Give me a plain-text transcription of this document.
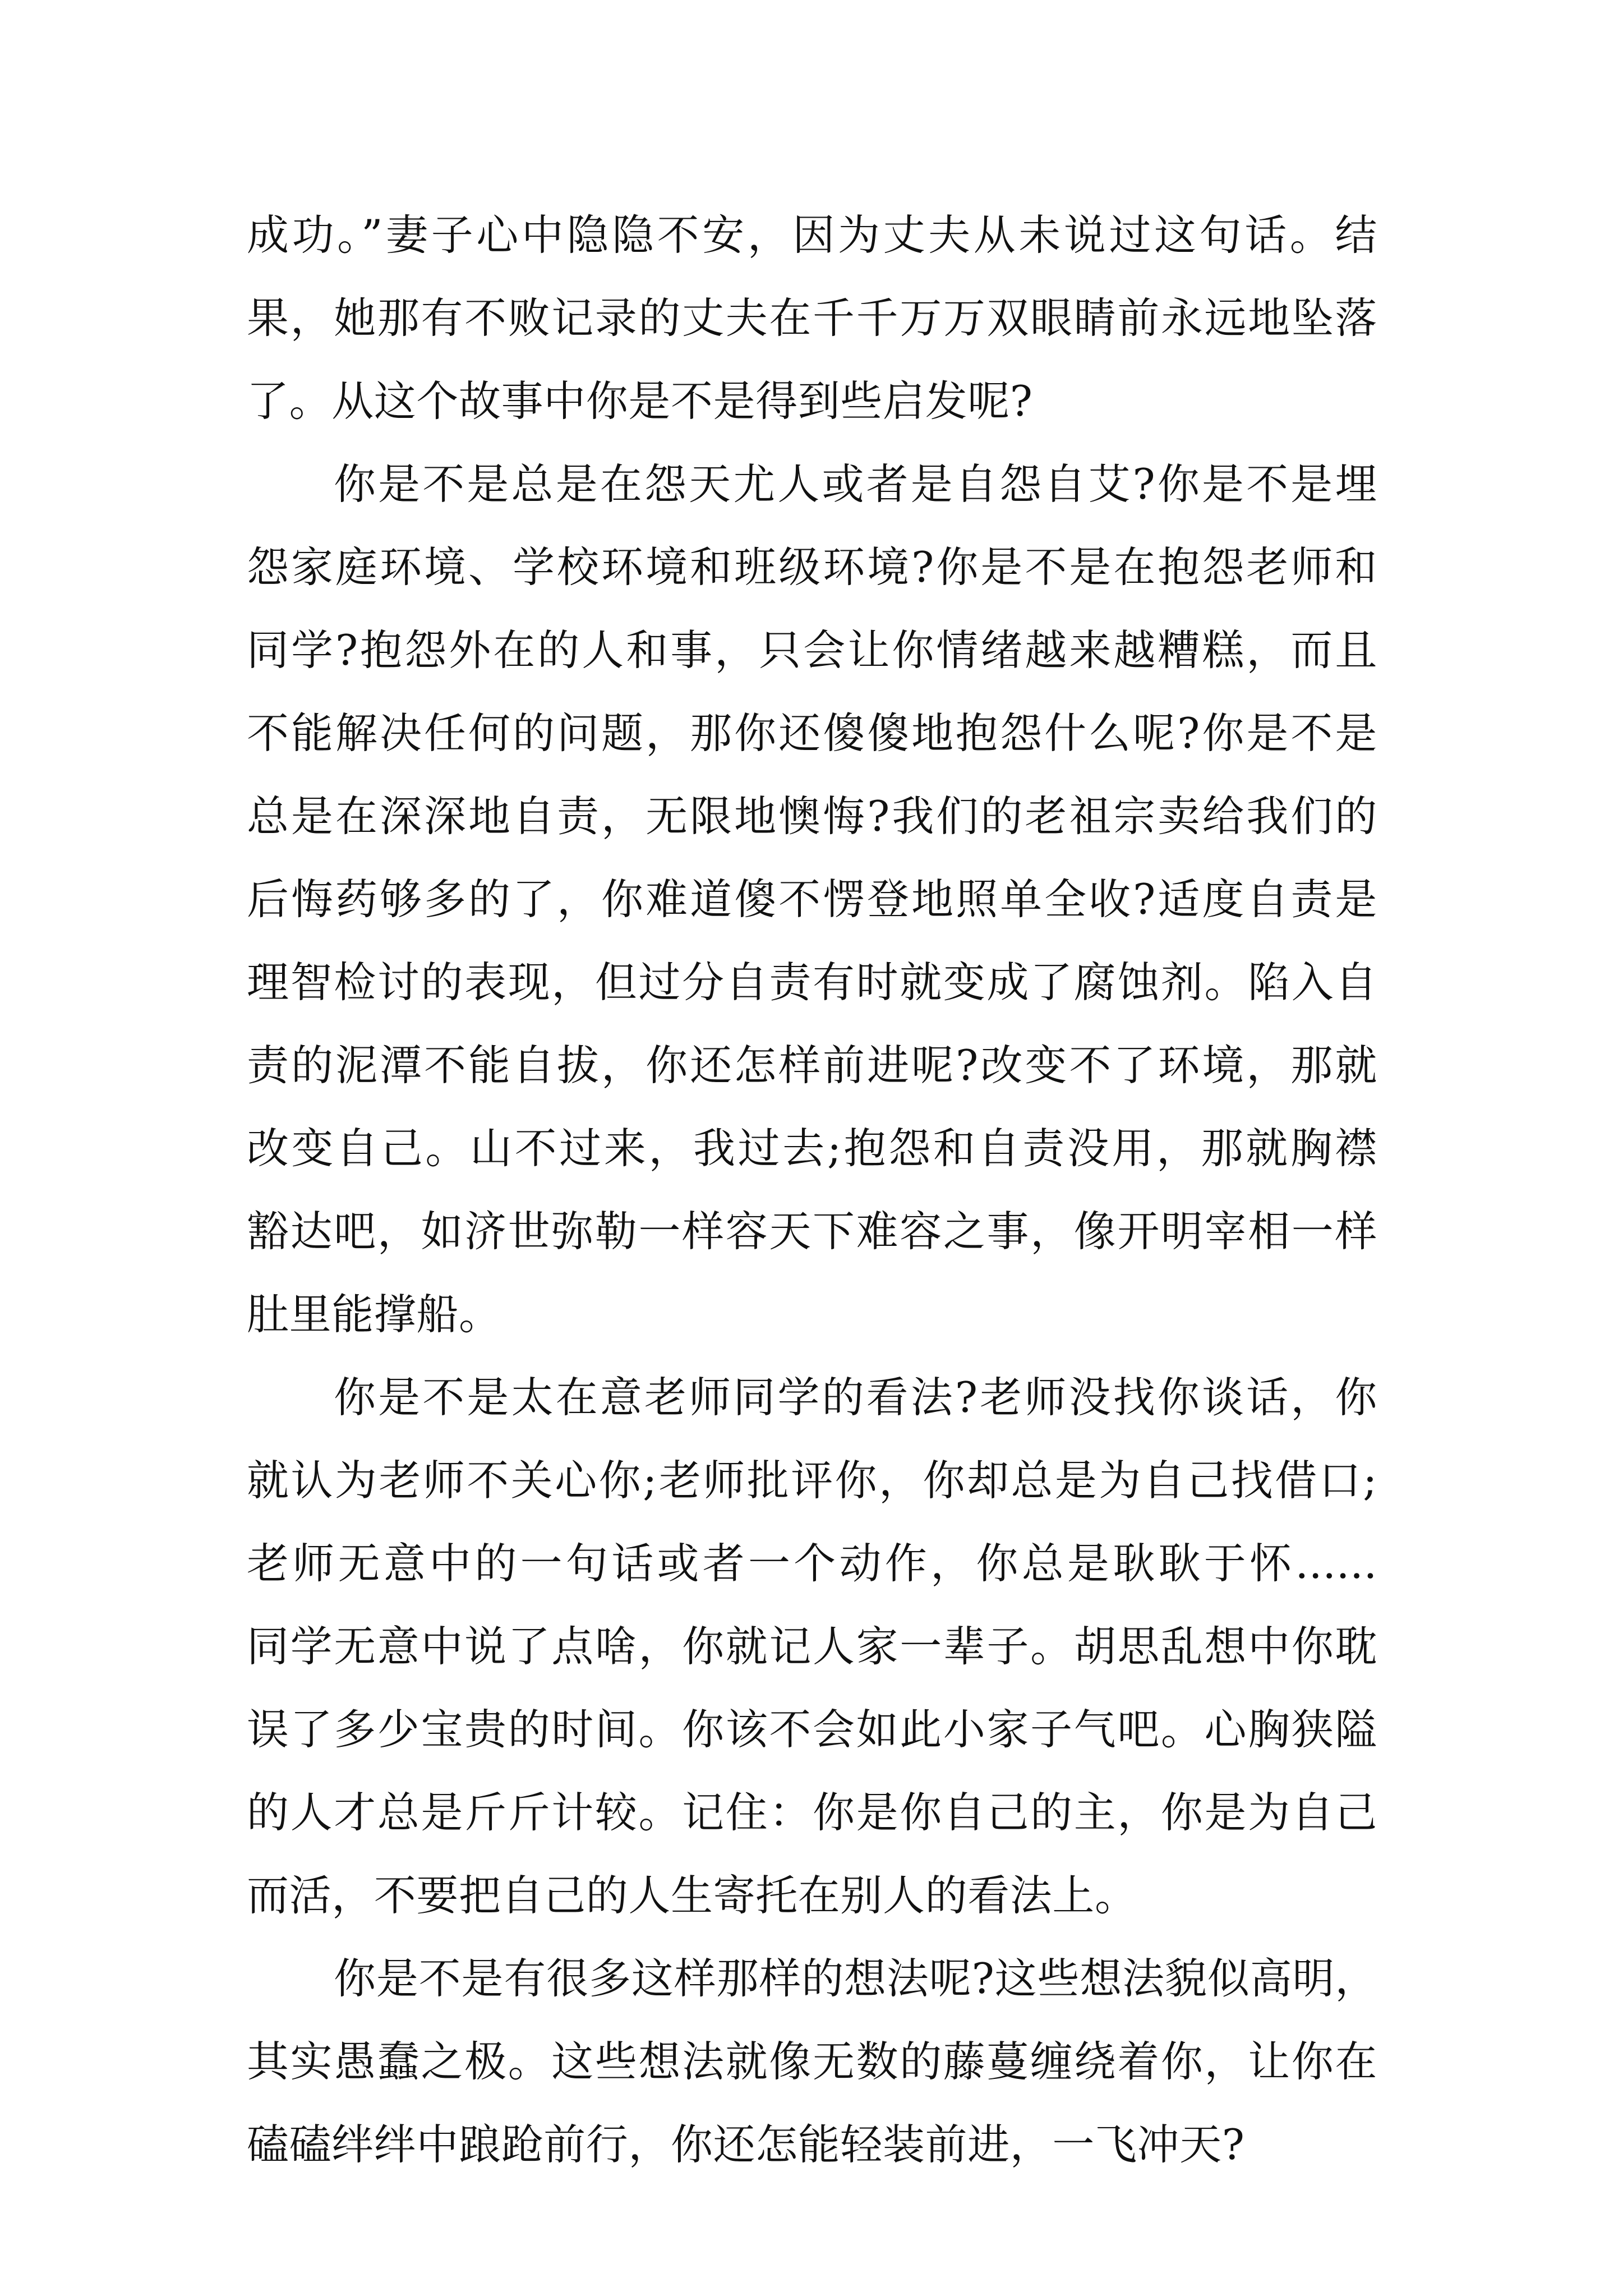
成功。”妻子心中隐隐不安，因为丈夫从未说过这句话。结
果，她那有不败记录的丈夫在千千万万双眼睛前永远地坠落
了。从这个故事中你是不是得到些启发呢?
你是不是总是在怨天尤人或者是自怨自艾?你是不是埋
怨家庭环境、学校环境和班级环境?你是不是在抱怨老师和
同学?抱怨外在的人和事，只会让你情绪越来越糟糕，而且
不能解决任何的问题，那你还傻傻地抱怨什么呢?你是不是
总是在深深地自责，无限地懊悔?我们的老祖宗卖给我们的
后悔药够多的了，你难道傻不愣登地照单全收?适度自责是
理智检讨的表现，但过分自责有时就变成了腐蚀剂。陷入自
责的泥潭不能自拔，你还怎样前进呢?改变不了环境，那就
改变自己。山不过来，我过去;抱怨和自责没用，那就胸襟
豁达吧，如济世弥勒一样容天下难容之事，像开明宰相一样
肚里能撑船。
你是不是太在意老师同学的看法?老师没找你谈话，你
就认为老师不关心你;老师批评你，你却总是为自己找借口;
老师无意中的一句话或者一个动作，你总是耿耿于怀......
同学无意中说了点啥，你就记人家一辈子。胡思乱想中你耽
误了多少宝贵的时间。你该不会如此小家子气吧。心胸狭隘
的人才总是斤斤计较。记住：你是你自己的主，你是为自己
而活，不要把自己的人生寄托在别人的看法上。
你是不是有很多这样那样的想法呢?这些想法貌似高明，
其实愚蠢之极。这些想法就像无数的藤蔓缠绕着你，让你在
磕磕绊绊中踉跄前行，你还怎能轻装前进，一飞冲天?
